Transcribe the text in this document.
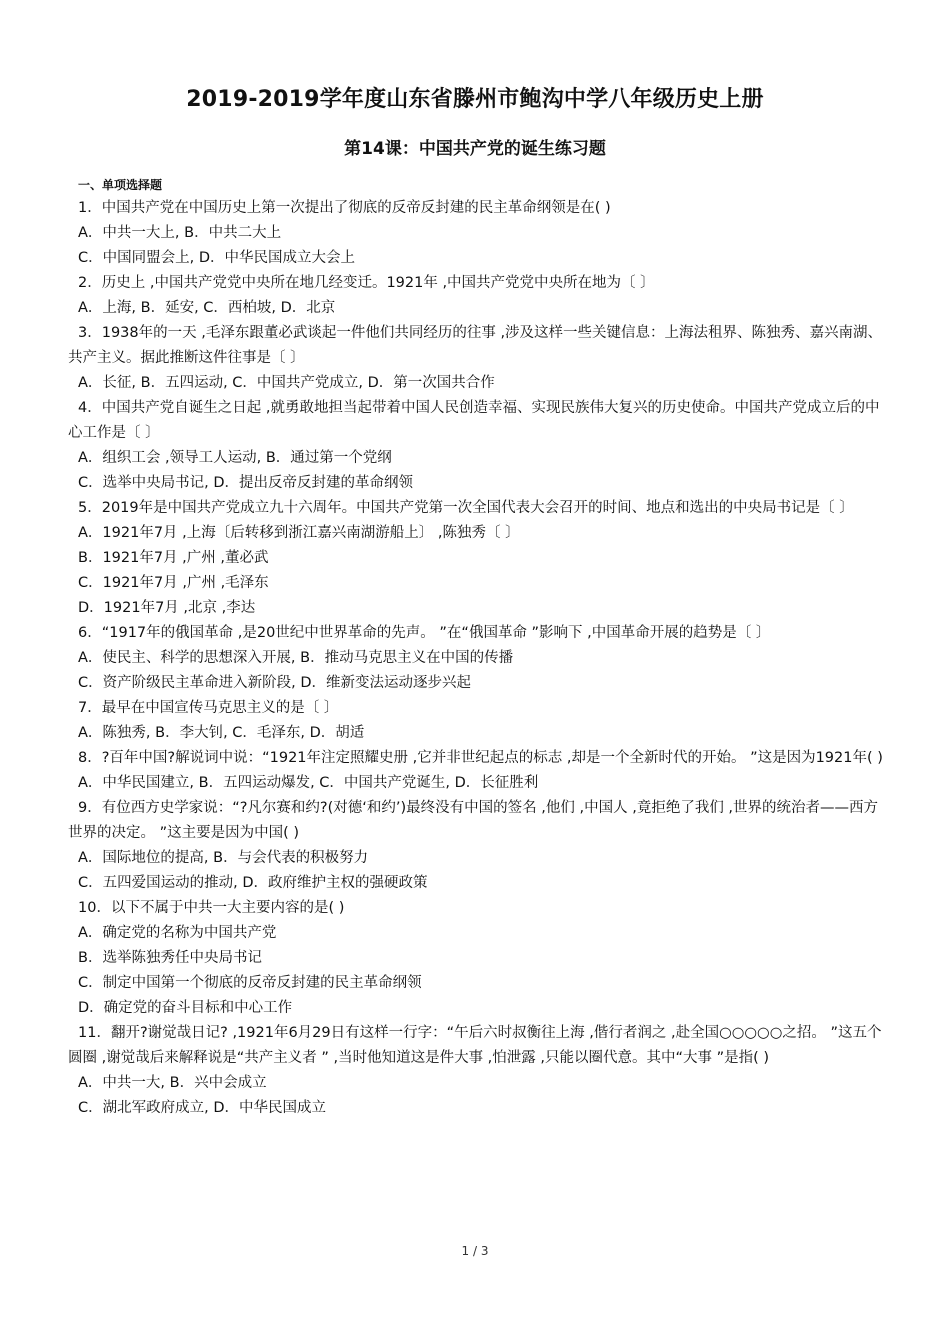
2019-2019学年度山东省滕州市鲍沟中学八年级历史上册
第14课：中国共产党的诞生练习题
一、单项选择题

1．中国共产党在中国历史上第一次提出了彻底的反帝反封建的民主革命纲领是在( )

A．中共一大上, B．中共二大上

C．中国同盟会上, D．中华民国成立大会上

2．历史上 ,中国共产党党中央所在地几经变迁。1921年 ,中国共产党党中央所在地为〔 〕

A．上海, B．延安, C．西柏坡, D．北京

3．1938年的一天 ,毛泽东跟董必武谈起一件他们共同经历的往事 ,涉及这样一些关键信息：上海法租界、陈独秀、嘉兴南湖、共产主义。据此推断这件往事是〔 〕

A．长征, B．五四运动, C．中国共产党成立, D．第一次国共合作

4．中国共产党自诞生之日起 ,就勇敢地担当起带着中国人民创造幸福、实现民族伟大复兴的历史使命。中国共产党成立后的中心工作是〔 〕

A．组织工会 ,领导工人运动, B．通过第一个党纲

C．选举中央局书记, D．提出反帝反封建的革命纲领

5．2019年是中国共产党成立九十六周年。中国共产党第一次全国代表大会召开的时间、地点和选出的中央局书记是〔 〕

A．1921年7月 ,上海〔后转移到浙江嘉兴南湖游船上〕 ,陈独秀〔 〕

B．1921年7月 ,广州 ,董必武

C．1921年7月 ,广州 ,毛泽东

D．1921年7月 ,北京 ,李达

6．“1917年的俄国革命 ,是20世纪中世界革命的先声。 ”在“俄国革命 ”影响下 ,中国革命开展的趋势是〔 〕

A．使民主、科学的思想深入开展, B．推动马克思主义在中国的传播

C．资产阶级民主革命进入新阶段, D．维新变法运动逐步兴起

7．最早在中国宣传马克思主义的是〔 〕

A．陈独秀, B．李大钊, C．毛泽东, D．胡适

8．?百年中国?解说词中说：“1921年注定照耀史册 ,它并非世纪起点的标志 ,却是一个全新时代的开始。 ”这是因为1921年( )

A．中华民国建立, B．五四运动爆发, C．中国共产党诞生, D．长征胜利

9．有位西方史学家说：“?凡尔赛和约?(对德‘和约’)最终没有中国的签名 ,他们 ,中国人 ,竟拒绝了我们 ,世界的统治者——西方世界的决定。 ”这主要是因为中国( )

A．国际地位的提高, B．与会代表的积极努力

C．五四爱国运动的推动, D．政府维护主权的强硬政策

10．以下不属于中共一大主要内容的是( )

A．确定党的名称为中国共产党

B．选举陈独秀任中央局书记

C．制定中国第一个彻底的反帝反封建的民主革命纲领

D．确定党的奋斗目标和中心工作

11．翻开?谢觉哉日记? ,1921年6月29日有这样一行字：“午后六时叔衡往上海 ,偕行者润之 ,赴全国○○○○○之招。 ”这五个圆圈 ,谢觉哉后来解释说是“共产主义者 ” ,当时他知道这是件大事 ,怕泄露 ,只能以圈代意。其中“大事 ”是指( )

A．中共一大, B．兴中会成立

C．湖北军政府成立, D．中华民国成立

1 / 3
